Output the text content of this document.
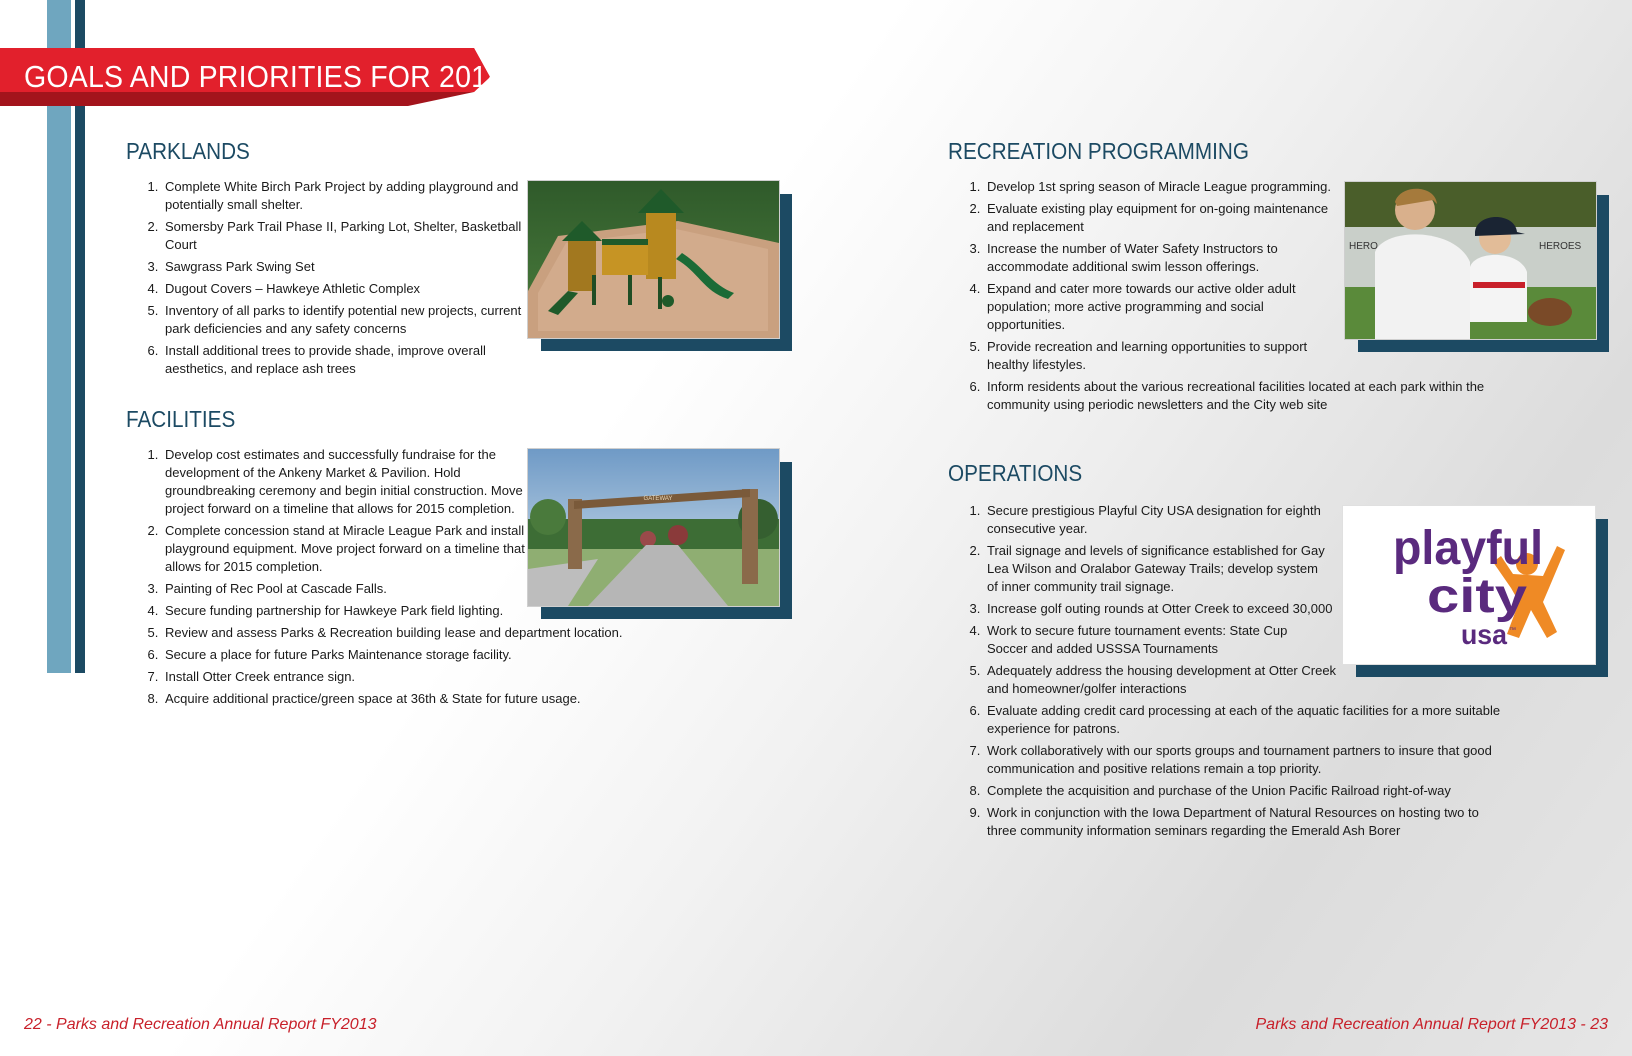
GOALS AND PRIORITIES FOR 2014
PARKLANDS
1. Complete White Birch Park Project by adding playground and potentially small shelter.
2. Somersby Park Trail Phase II, Parking Lot, Shelter, Basketball Court
3. Sawgrass Park Swing Set
4. Dugout Covers – Hawkeye Athletic Complex
5. Inventory of all parks to identify potential new projects, current park deficiencies and any safety concerns
6. Install additional trees to provide shade, improve overall aesthetics, and replace ash trees
FACILITIES
1. Develop cost estimates and successfully fundraise for the development of the Ankeny Market & Pavilion. Hold groundbreaking ceremony and begin initial construction. Move project forward on a timeline that allows for 2015 completion.
2. Complete concession stand at Miracle League Park and install playground equipment. Move project forward on a timeline that allows for 2015 completion.
3. Painting of Rec Pool at Cascade Falls.
4. Secure funding partnership for Hawkeye Park field lighting.
5. Review and assess Parks & Recreation building lease and department location.
6. Secure a place for future Parks Maintenance storage facility.
7. Install Otter Creek entrance sign.
8. Acquire additional practice/green space at 36th & State for future usage.
GATEWAY
RECREATION PROGRAMMING
1. Develop 1st spring season of Miracle League programming.
2. Evaluate existing play equipment for on-going maintenance and replacement
3. Increase the number of Water Safety Instructors to accommodate additional swim lesson offerings.
4. Expand and cater more towards our active older adult population; more active programming and social opportunities.
5. Provide recreation and learning opportunities to support healthy lifestyles.
6. Inform residents about the various recreational facilities located at each park within the community using periodic newsletters and the City web site
HERO	HEROES
OPERATIONS
1. Secure prestigious Playful City USA designation for eighth consecutive year.
2. Trail signage and levels of significance established for Gay Lea Wilson and Oralabor Gateway Trails; develop system of inner community trail signage.
3. Increase golf outing rounds at Otter Creek to exceed 30,000
4. Work to secure future tournament events: State Cup Soccer and added USSSA Tournaments
5. Adequately address the housing development at Otter Creek and homeowner/golfer interactions
6. Evaluate adding credit card processing at each of the aquatic facilities for a more suitable experience for patrons.
7. Work collaboratively with our sports groups and tournament partners to insure that good communication and positive relations remain a top priority.
8. Complete the acquisition and purchase of the Union Pacific Railroad right-of-way
9. Work in conjunction with the Iowa Department of Natural Resources on hosting two to three community information seminars regarding the Emerald Ash Borer
playful
city
usa ™
22 - Parks and Recreation Annual Report FY2013	Parks and Recreation Annual Report FY2013 - 23
